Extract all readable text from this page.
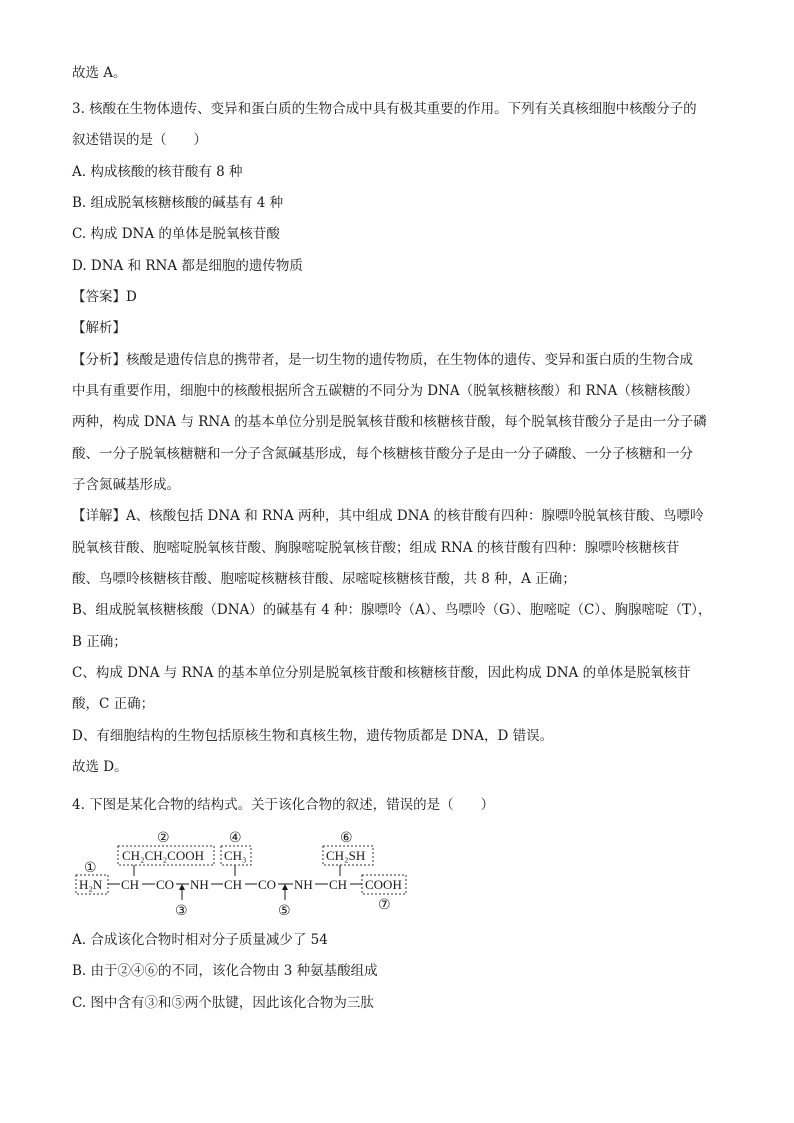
故选 A。
3. 核酸在生物体遗传、变异和蛋白质的生物合成中具有极其重要的作用。下列有关真核细胞中核酸分子的
叙述错误的是（　　）
A. 构成核酸的核苷酸有 8 种
B. 组成脱氧核糖核酸的碱基有 4 种
C. 构成 DNA 的单体是脱氧核苷酸
D. DNA 和 RNA 都是细胞的遗传物质
【答案】D
【解析】
【分析】核酸是遗传信息的携带者，是一切生物的遗传物质，在生物体的遗传、变异和蛋白质的生物合成
中具有重要作用，细胞中的核酸根据所含五碳糖的不同分为 DNA（脱氧核糖核酸）和 RNA（核糖核酸）
两种，构成 DNA 与 RNA 的基本单位分别是脱氧核苷酸和核糖核苷酸，每个脱氧核苷酸分子是由一分子磷
酸、一分子脱氧核糖糖和一分子含氮碱基形成，每个核糖核苷酸分子是由一分子磷酸、一分子核糖和一分
子含氮碱基形成。
【详解】A、核酸包括 DNA 和 RNA 两种，其中组成 DNA 的核苷酸有四种：腺嘌呤脱氧核苷酸、鸟嘌呤
脱氧核苷酸、胞嘧啶脱氧核苷酸、胸腺嘧啶脱氧核苷酸；组成 RNA 的核苷酸有四种：腺嘌呤核糖核苷
酸、鸟嘌呤核糖核苷酸、胞嘧啶核糖核苷酸、尿嘧啶核糖核苷酸，共 8 种，A 正确；
B、组成脱氧核糖核酸（DNA）的碱基有 4 种：腺嘌呤（A）、鸟嘌呤（G）、胞嘧啶（C）、胸腺嘧啶（T），
B 正确；
C、构成 DNA 与 RNA 的基本单位分别是脱氧核苷酸和核糖核苷酸，因此构成 DNA 的单体是脱氧核苷
酸，C 正确；
D、有细胞结构的生物包括原核生物和真核生物，遗传物质都是 DNA，D 错误。
故选 D。
4. 下图是某化合物的结构式。关于该化合物的叙述，错误的是（　　）
②	④	⑥
CH₂CH₂COOH CH₃	CH₂SH
①
H₂N CH CO NH CH CO NH CH COOH
③	⑤	⑦
A. 合成该化合物时相对分子质量减少了 54
B. 由于②④⑥的不同，该化合物由 3 种氨基酸组成
C. 图中含有③和⑤两个肽键，因此该化合物为三肽
